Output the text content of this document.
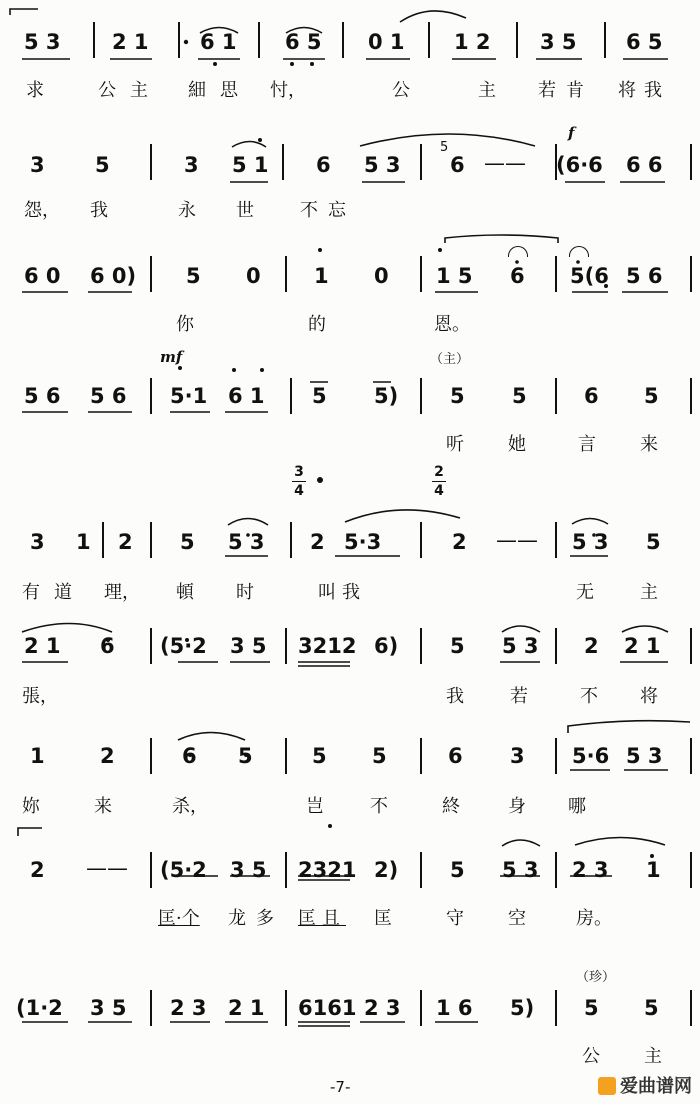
5 3 2 1 6 1 6 5 0 1 1 2 3 5 6 5
求	公主 細思 忖，	公	主 若肯 将我
f
3 5	3 5 1 6 5 3 6
5
—— (6·6 6 6
怨， 我	永 世	不忘
6 0 6 0) 5 0	1 0 1 5 6 5(6 5 6
你	的	恩。
mf	（主）
5 6 5 6 5·1 6 1 5 5) 5 5	6 5
听 她	言 来
3
4
2
4
3 1 2 5 5 3 2 5·3	2 —— 5 3 5
有道 理， 頓 时	叫我	无	主
2 1 6 (5·2 3 5 3212 6) 5 5 3 2 2 1
張，	我	若	不 将
1	2	6 5	5 5	6 3 5·6 5 3
妳	来	杀，	岂	不	終	身 哪
2 —— (5·2 3 5 2321 2) 5 5 3 2 3 1
匡·个 龙 多 匡且 匡	守 空	房。
（珍）
(1·2 3 5 2 3 2 1 6161 2 3 1 6 5) 5 5
公 主
-7-	爱曲谱网
